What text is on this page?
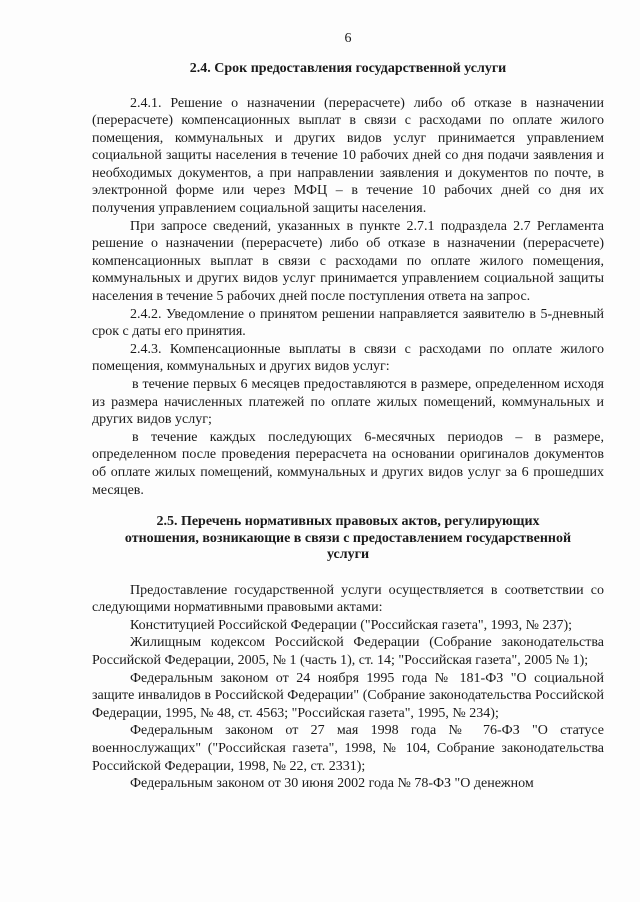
6
2.4. Срок предоставления государственной услуги

2.4.1. Решение о назначении (перерасчете) либо об отказе в назначении (перерасчете) компенсационных выплат в связи с расходами по оплате жилого помещения, коммунальных и других видов услуг принимается управлением социальной защиты населения в течение 10 рабочих дней со дня подачи заявления и необходимых документов, а при направлении заявления и документов по почте, в электронной форме или через МФЦ – в течение 10 рабочих дней со дня их получения управлением социальной защиты населения.

При запросе сведений, указанных в пункте 2.7.1 подраздела 2.7 Регламента решение о назначении (перерасчете) либо об отказе в назначении (перерасчете) компенсационных выплат в связи с расходами по оплате жилого помещения, коммунальных и других видов услуг принимается управлением социальной защиты населения в течение 5 рабочих дней после поступления ответа на запрос.

2.4.2. Уведомление о принятом решении направляется заявителю в 5-дневный срок с даты его принятия.

2.4.3. Компенсационные выплаты в связи с расходами по оплате жилого помещения, коммунальных и других видов услуг:

в течение первых 6 месяцев предоставляются в размере, определенном исходя из размера начисленных платежей по оплате жилых помещений, коммунальных и других видов услуг;

в течение каждых последующих 6-месячных периодов – в размере, определенном после проведения перерасчета на основании оригиналов документов об оплате жилых помещений, коммунальных и других видов услуг за 6 прошедших месяцев.

2.5. Перечень нормативных правовых актов, регулирующих отношения, возникающие в связи с предоставлением государственной услуги

Предоставление государственной услуги осуществляется в соответствии со следующими нормативными правовыми актами:

Конституцией Российской Федерации ("Российская газета", 1993, № 237);

Жилищным кодексом Российской Федерации (Собрание законодательства Российской Федерации, 2005, № 1 (часть 1), ст. 14; "Российская газета", 2005 № 1);

Федеральным законом от 24 ноября 1995 года № 181-ФЗ "О социальной защите инвалидов в Российской Федерации" (Собрание законодательства Российской Федерации, 1995, № 48, ст. 4563; "Российская газета", 1995, № 234);

Федеральным законом от 27 мая 1998 года № 76-ФЗ "О статусе военнослужащих" ("Российская газета", 1998, № 104, Собрание законодательства Российской Федерации, 1998, № 22, ст. 2331);

Федеральным законом от 30 июня 2002 года № 78-ФЗ "О денежном
